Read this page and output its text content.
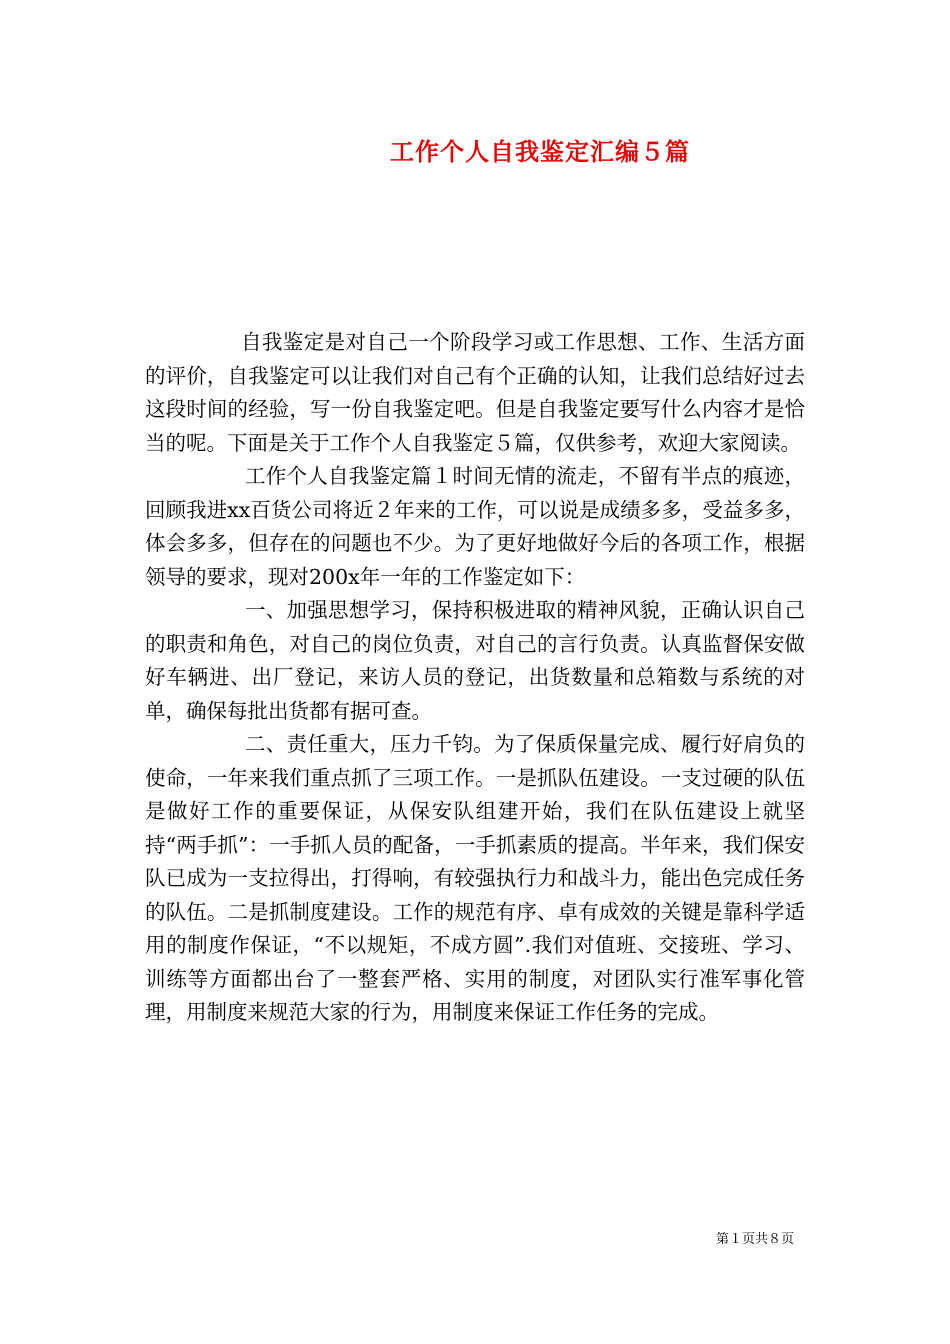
工作个人自我鉴定汇编５篇

自我鉴定是对自己一个阶段学习或工作思想、工作、生活方面的评价，自我鉴定可以让我们对自己有个正确的认知，让我们总结好过去这段时间的经验，写一份自我鉴定吧。但是自我鉴定要写什么内容才是恰当的呢。下面是关于工作个人自我鉴定５篇，仅供参考，欢迎大家阅读。

工作个人自我鉴定篇１时间无情的流走，不留有半点的痕迹，回顾我进xx百货公司将近２年来的工作，可以说是成绩多多，受益多多，体会多多，但存在的问题也不少。为了更好地做好今后的各项工作，根据领导的要求，现对200x年一年的工作鉴定如下：

一、加强思想学习，保持积极进取的精神风貌，正确认识自己的职责和角色，对自己的岗位负责，对自己的言行负责。认真监督保安做好车辆进、出厂登记，来访人员的登记，出货数量和总箱数与系统的对单，确保每批出货都有据可查。

二、责任重大，压力千钧。为了保质保量完成、履行好肩负的使命，一年来我们重点抓了三项工作。一是抓队伍建设。一支过硬的队伍是做好工作的重要保证，从保安队组建开始，我们在队伍建设上就坚持“两手抓”：一手抓人员的配备，一手抓素质的提高。半年来，我们保安队已成为一支拉得出，打得响，有较强执行力和战斗力，能出色完成任务的队伍。二是抓制度建设。工作的规范有序、卓有成效的关键是靠科学适用的制度作保证，“不以规矩，不成方圆”.我们对值班、交接班、学习、训练等方面都出台了一整套严格、实用的制度，对团队实行准军事化管理，用制度来规范大家的行为，用制度来保证工作任务的完成。

第１页共８页
